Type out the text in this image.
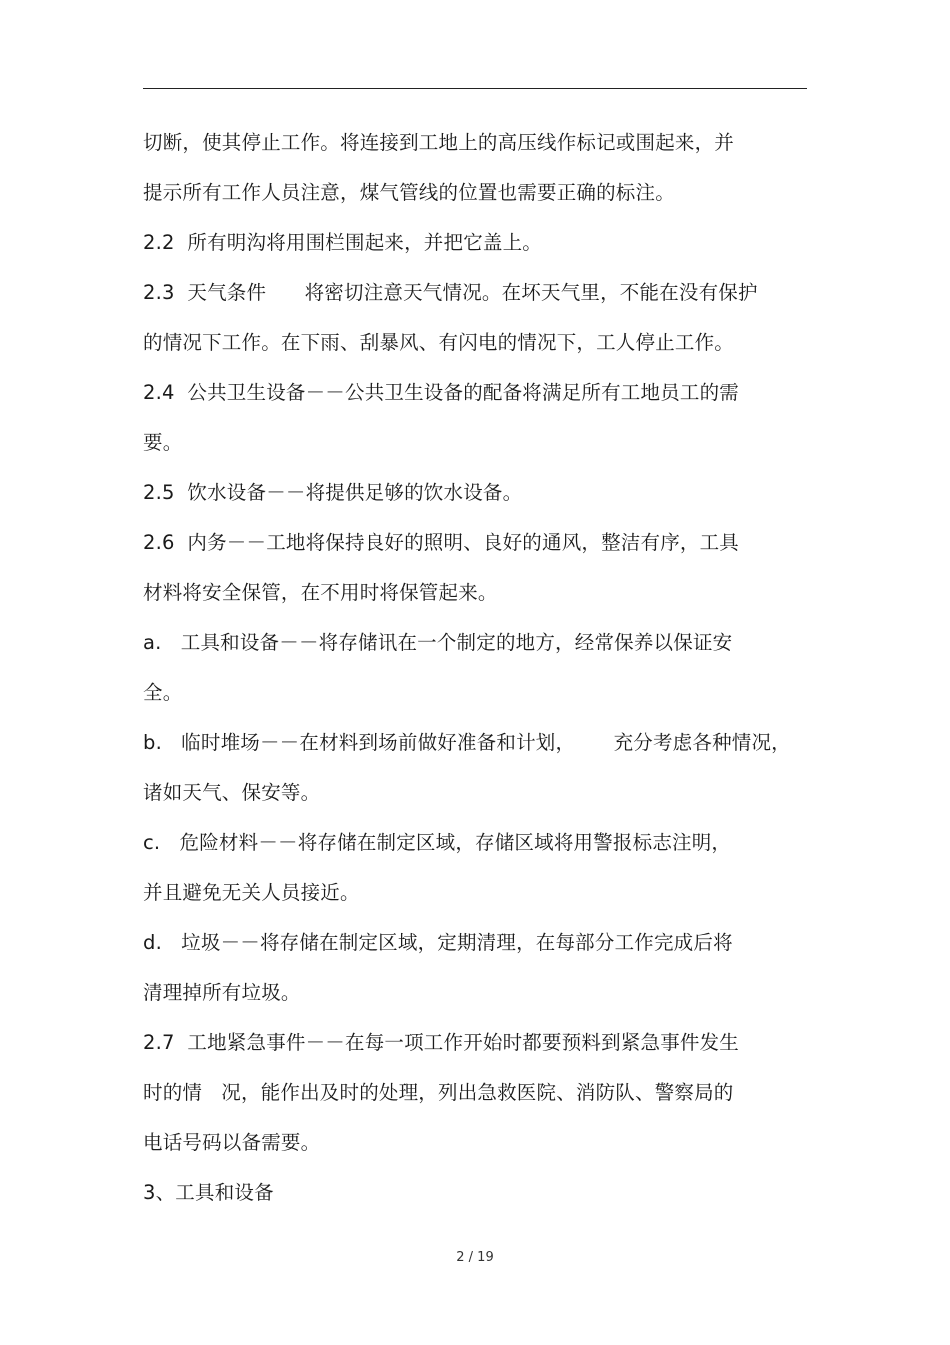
切断，使其停止工作。将连接到工地上的高压线作标记或围起来，并
提示所有工作人员注意，煤气管线的位置也需要正确的标注。
2.2  所有明沟将用围栏围起来，并把它盖上。
2.3  天气条件      将密切注意天气情况。在坏天气里，不能在没有保护
的情况下工作。在下雨、刮暴风、有闪电的情况下，工人停止工作。
2.4  公共卫生设备－－公共卫生设备的配备将满足所有工地员工的需
要。
2.5  饮水设备－－将提供足够的饮水设备。
2.6  内务－－工地将保持良好的照明、良好的通风，整洁有序，工具
材料将安全保管，在不用时将保管起来。
a.   工具和设备－－将存储讯在一个制定的地方，经常保养以保证安
全。
b.   临时堆场－－在材料到场前做好准备和计划，      充分考虑各种情况，
诸如天气、保安等。
c.   危险材料－－将存储在制定区域，存储区域将用警报标志注明，
并且避免无关人员接近。
d.   垃圾－－将存储在制定区域，定期清理，在每部分工作完成后将
清理掉所有垃圾。
2.7  工地紧急事件－－在每一项工作开始时都要预料到紧急事件发生
时的情   况，能作出及时的处理，列出急救医院、消防队、警察局的
电话号码以备需要。
3、工具和设备
2 / 19
